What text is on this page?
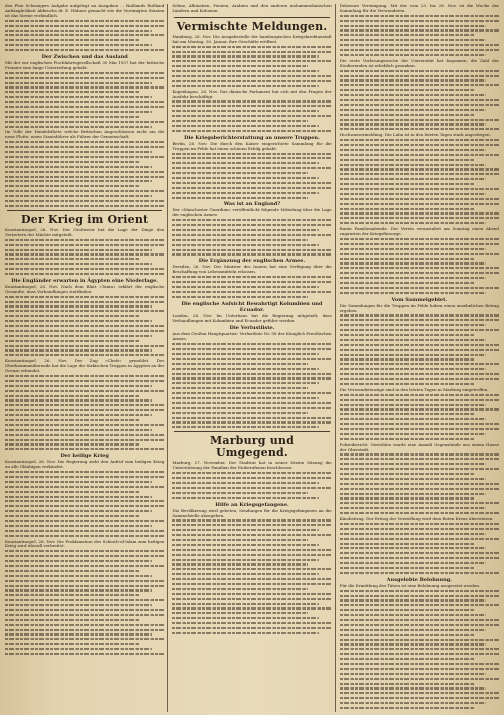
den Plan Schwaigers Aufgabe aufgelegt an Ausgaben ... Rußlands Rußland Anhänglichkeit Abbruchs dr. E. Hühner gemacht wie die Vereinigten Staaten ist das Sirene verbindlich.

Der Zwischen und das Ausland

Mit der zur englischen Fischfahrtsgesellschaft 30 Mai 1937 hat der britische Premier eine lange Unterredung gehabt.

Im Volle der Handelsflotte welche Britischen Angeschlossen nicht um die neue Flotte, einen Staatsführer als Führer der Gemeinschaft.

Der Krieg im Orient

Konstantinopel, 26. Nov. Der Großwesir hat die Lage der Dinge den Vertretern der Mächte mitgeteilt.

Die Engländer erwarten in Ägypten eine Niederlage.

Konstantinopel, 26. Nov. Nach dem Blatt »Tanin« erklärt der englische Gesandte, dass Verhandlungen stattfinden.

Konstantinopel, 26. Nov. Der Zug »Chefs« gemeldet. Der Oberkommandierende hat die Lage der türkischen Truppen in Ägypten an der Grenze erkundet.

Der heilige Krieg

Konstantinopel, 26. Nov. Die Regierung sieht den Aufruf zum heiligen Krieg an alle Gläubigen verkündet.

Konstantinopel, 26. Nov. Die Proklamation des Scheich-ul-Islam zum heiligen Krieg wird überall verbreitet.

Söhne, Albinatien, Persien, Arabien und den anderen mohammedanischen Ländern und Kolonien.

Vermischte Meldungen.

Hamburg, 26. Nov. Die Ausgabestelle der hamburgischen Kriegskreditanstalt hat am Montag, 30. Januar, ihre Geschäfte eröffnet.

Kopenhagen, 26. Nov. Das dänische Parlament hat sich mit den Fragen der Ausfuhr beschäftigt.

Die Kriegsberichterstattung an unsere Truppen.

Berlin, 26. Nov. Die durch den Kaiser eingerichtete Sammlung für die Truppen im Felde hat einen schönen Erfolg gehabt.

Was ist an England?

Der »Manchester Guardian« veröffentlicht folgende Mitteilung über die Lage der englischen Armee.

Die Ergänzung der englischen Armee.

Dresden, 26. Nov. Der Minister des Innern hat eine Verfügung über die Beschaffung von Lebensmitteln erlassen.

Die englische Aufsicht Bewahrtigt Kolumbien und Ecuador.

London, 26. Nov. Im Unterhaus hat die Regierung mitgeteilt, dass Verhandlungen mit Kolumbien und Ecuador geführt werden.

Die Verlustliste.

Aus dem Großen Hauptquartier: Verlustliste Nr. 58 der Königlich Preußischen Armee.

Marburg und Umgegend.

Marburg, 27. November. Der Stadtrat hat in seiner letzten Sitzung die Unterstützung der Familien der Einberufenen beschlossen.

Hilfe an Kriegsgefangene.

Die Bevölkerung wird gebeten, Sendungen für die Kriegsgefangenen an die Sammelstelle abzugeben.

Delaware Vereinigung. Mit der vom 23. bis 28. Nov. ist die Woche der Sammlung für die Verwundeten.

Die erste Vorlesungswoche der Universität hat begonnen; die Zahl der Studierenden ist erheblich gesunken.

Hochwassermeldung. Die Lahn ist in den letzten Tagen stark angestiegen.

Bunte Familienabende. Der Verein veranstaltet am Sonntag einen Abend zugunsten der Kriegsfürsorge.

Vom Sammelgebiet.

Die Sammlungen für die Truppen im Felde haben einen ansehnlichen Betrag ergeben.

Die Verwundetenzüge sind in den letzten Tagen in Marburg eingetroffen.

Polizeibericht. Gestohlen wurde eine Anzahl Gegenstände aus einem Hause der Oberstadt.

Kinobeitrag. Der Ertrag der Vorstellung wird dem Roten Kreuz überwiesen.

Ausgelobte Belohnung.

Für die Ermittlung des Täters ist eine Belohnung ausgesetzt worden.
